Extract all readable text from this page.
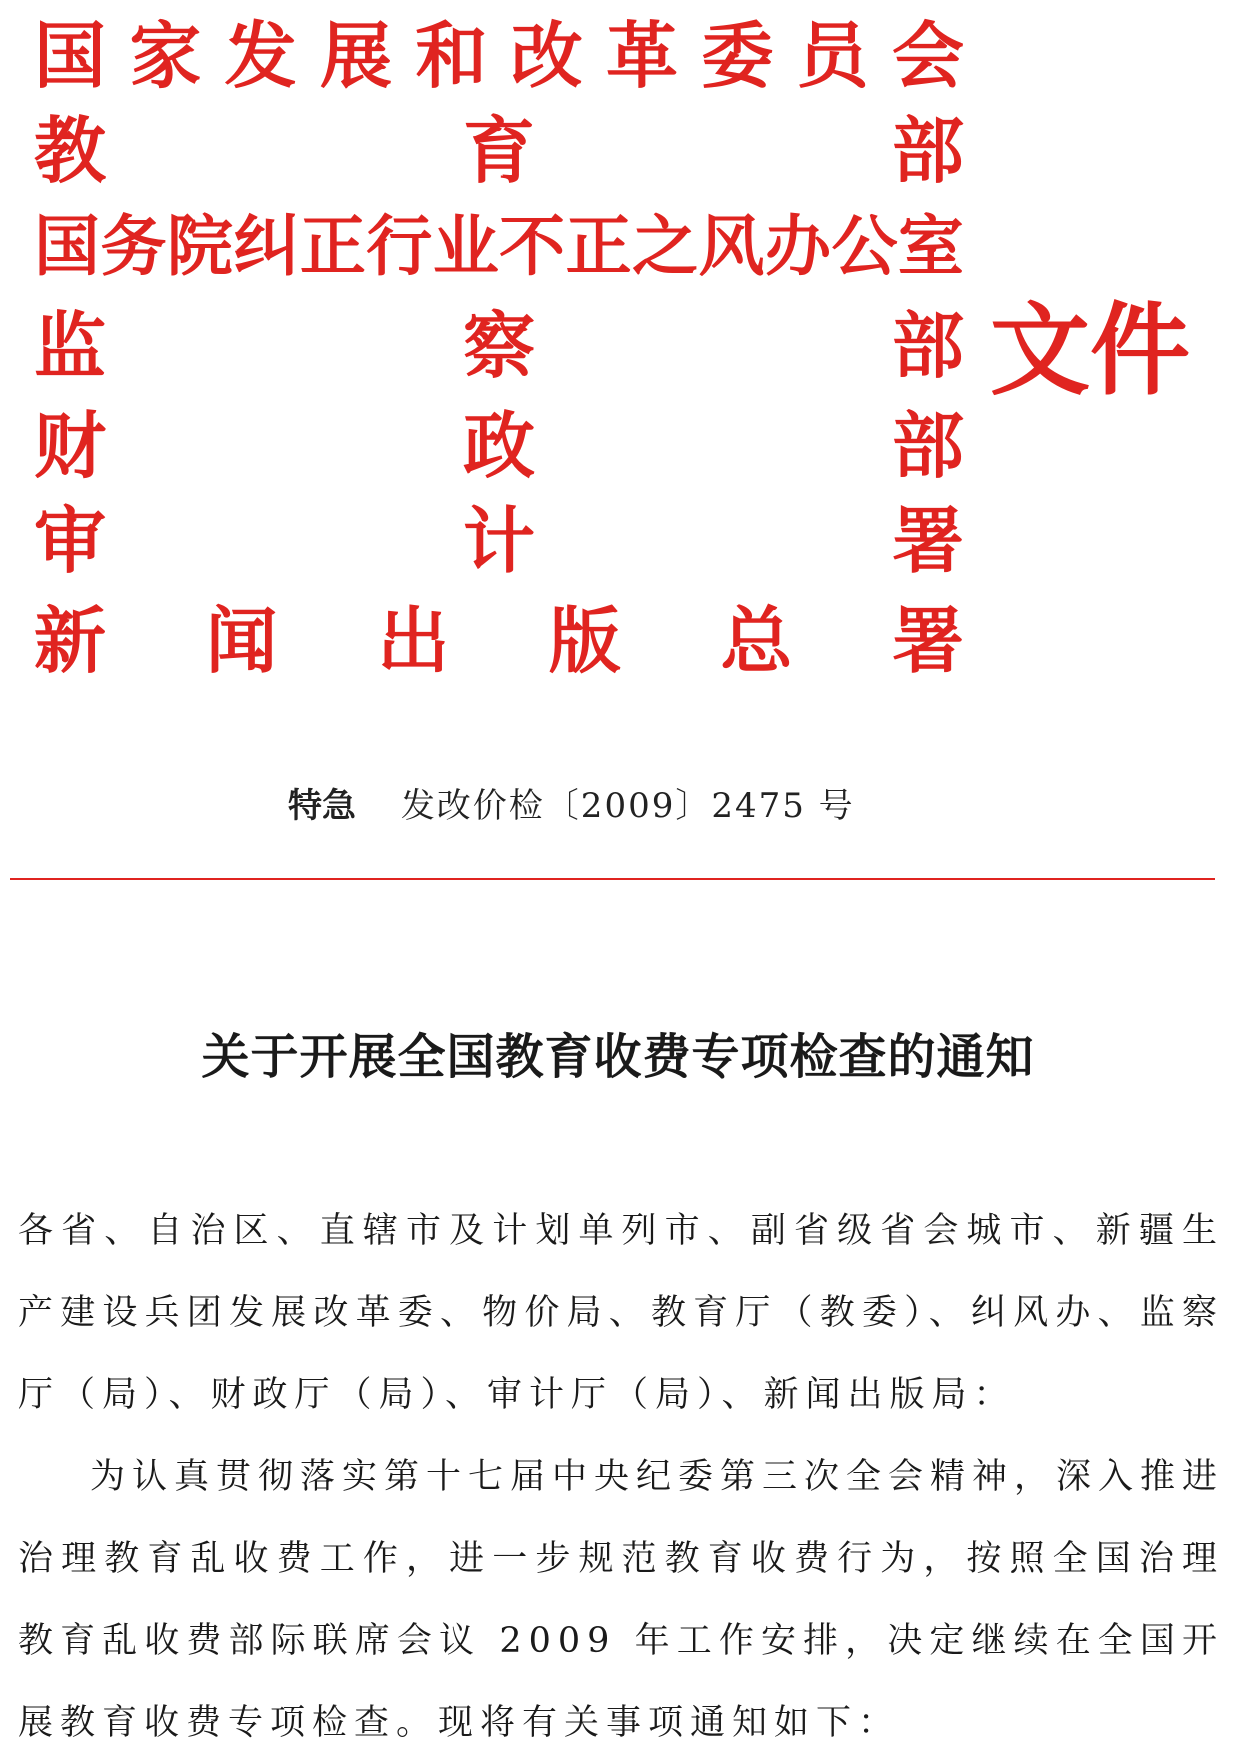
国 家 发 展 和 改 革 委 员 会
教	育	部
国 务 院 纠 正 行 业 不 正 之 风 办 公 室
监	察	部
财	政	部
审	计	署
新 闻 出 版 总 署
文件
特急 发改价检〔2009〕2475 号
关于开展全国教育收费专项检查的通知

各省、自治区、直辖市及计划单列市、副省级省会城市、新疆生产建设兵团发展改革委、物价局、教育厅（教委）、纠风办、监察厅（局）、财政厅（局）、审计厅（局）、新闻出版局：

为认真贯彻落实第十七届中央纪委第三次全会精神，深入推进治理教育乱收费工作，进一步规范教育收费行为，按照全国治理教育乱收费部际联席会议 2009 年工作安排，决定继续在全国开展教育收费专项检查。现将有关事项通知如下：
